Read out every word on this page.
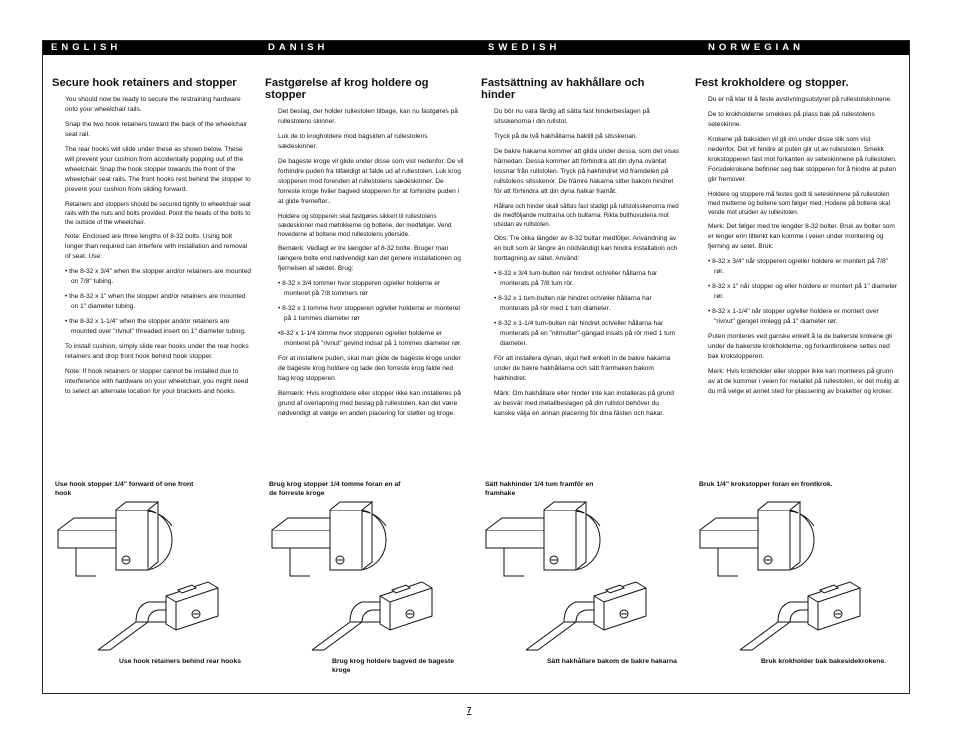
ENGLISH	DANISH	SWEDISH	NORWEGIAN
Secure hook retainers and stopper

You should now be ready to secure the restraining hardware onto your wheelchair rails.

Snap the two hook retainers toward the back of the wheelchair seat rail.

The rear hooks will slide under these as shown below. These will prevent your cushion from accidentally popping out of the wheelchair. Snap the hook stopper towards the front of the wheelchair seat rails. The front hooks rest behind the stopper to prevent your cushion from sliding forward.

Retainers and stoppers should be secured tightly to wheelchair seat rails with the nuts and bolts provided. Point the heads of the bolts to the outside of the wheelchair.

Note: Enclosed are three lengths of 8-32 bolts. Using bolt longer than required can interfere with installation and removal of seat. Use:

• the 8-32 x 3/4" when the stopper and/or retainers are mounted on 7/8" tubing.
• the 8-32 x 1" when the stopper and/or retainers are mounted on 1" diameter tubing.
• the 8-32 x 1-1/4" when the stopper and/or retainers are mounted over "rivnut" threaded insert on 1" diameter tubing.

To install cushion, simply slide rear hooks under the rear hooks retainers and drop front hook behind hook stopper.

Note: If hook retainers or stopper cannot be installed due to interference with hardware on your wheelchair, you might need to select an alternate location for your brackets and hooks.

Fastgørelse af krog holdere og stopper

Det beslag, der holder rullestolen tilbage, kan nu fastgøres på rullestolens skinner.

Luk de to krogholdere mod bagsiden af rullestolens sædeskinner.

De bageste kroge vil glide under disse som vist nedenfor. De vil forhindre puden fra tilfældigt at falde ud af rullestolen. Luk krog stopperen mod forenden af rullestolens sædeskinner. De forreste kroge hviler bagved stopperen for at forhindre puden i at glide fremefter..

Holdere og stopperen skal fastgøres sikkert til rullestolens sædeskinner med møtrikkerne og boltene, der medfølger. Vend hovederne af boltene mod rullestolens yderside.

Bemærk: Vedlagt er tre længder af 8-32 bolte. Bruger man længere bolte end nødvendigt kan det genere installationen og fjernelsen af sædet. Brug:

• 8-32 x 3/4 tommer hvor stopperen og/eller holderne er monteret på 7/8 tommers rør
• 8-32 x 1 tomme hvor stopperen og/eller holderne er monteret på 1 tommes diameter rør
•8-32 x 1-1/4 tomme hvor stopperen og/eller holderne er monteret på "rivnut" gevind indsat på 1 tommes diameter rør.

For at installere puden, skal man glide de bageste kroge under de bageste krog holdere og lade den forreste krog falde ned bag krog stopperen.

Bemærk: Hvis krogholdere eller stopper ikke kan installeres på grund af overlapning med beslag på rullestolen, kan det være nødvendigt at vælge en anden placering for støtter og kroge.

Fastsättning av hakhållare och hinder

Du bör nu vara färdig att sätta fast hinderbeslagen på sitsskenorna i din rullstol.

Tryck på de två hakhållarna baktill på sitsskenan.

De bakre hakarna kommer att glida under dessa, som det visas härnedan. Dessa kommer att förhindra att din dyna oväntat lossnar från rullstolen. Tryck på hakhindret vid framdelen på rullstolens sitsskenor. De främre hakarna sitter bakom hindret för att förhindra att din dyna halkar framåt.

Hållare och hinder skall sättas fast stadigt på rullstolsskenorna med de medföljande muttrarna och bultarna. Rikta bulthuvudena mot utsidan av rullstolen.

Obs: Tre olika längder av 8-32 bultar medföljer. Användning av en bult som är längre än nödvändigt kan hindra installation och borttagning av sätet. Använd:

• 8-32 x 3/4 tum-bulten när hindret och/eller hållarna har monterats på 7/8 tum rör.
• 8-32 x 1 tum-bulten när hindret och/eller hållarna har monterats på rör med 1 tum diameter.
• 8-32 x 1-1/4 tum-bulten när hindret och/eller hållarna har monterats på en "nitmutter"-gängad insats på rör med 1 tum diameter.

För att installera dynan, skjut helt enkelt in de bakre hakarna under de bakre hakhållarna och sätt framhaken bakom hakhindret.

Märk: Om hakhållare eller hinder inte kan installeras på grund av besvär med metallbeslagen på din rullstol behöver du kanske välja en annan placering för dina fästen och hakar.

Fest krokholdere og stopper.

Du er nå klar til å feste avstivningsutstyret på rullestolskinnene.

De to krokholderne smekkes på plass bak på rullestolens seteskinne.

Krokene på baksiden vil gli inn under disse slik som vist nedenfor. Det vil hindre at puten glir ut av rullestolen. Smekk krokstopperen fast mot forkanten av seteskinnene på rullestolen. Forsidekrokene befinner seg bak stopperen for å hindre at puten glir fremover.

Holdere og stoppere må festes godt til seteskinnene på rullestolen med mutterne og boltene som følger med. Hodene på boltene skal vende mot utsiden av rullestolen.

Merk: Det følger med tre lengder 8-32 bolter. Bruk av bolter som er lenger enn tiltenkt kan komme i veien under montering og fjerning av setet. Bruk:

• 8-32 x 3/4" når stopperen og/eller holdere er montert på 7/8" rør.
• 8-32 x 1" når stopper og eller holdere er montert på 1" diameter rør.
• 8-32 x 1-1/4" når stopper og/eller holdere er montert over "rivnut" gjenget innlegg på 1" diameter rør.

Puten monteres ved ganske enkelt å la de bakerste krokene gli under de bakerste krokholderne, og forkantkrokene settes ned bak krokstopperen.

Merk: Hvis krokholder eller stopper ikke kan monteres på grunn av at de kommer i veien for metallet på rullestolen, er det mulig at du må velge et annet sted for plassering av braketter og kroker.

Use hook stopper 1/4" forward of one front hook
Brug krog stopper 1/4 tomme foran en af de forreste kroge
Sätt hakhinder 1/4 tum framför en framhake
Bruk 1/4" krokstopper foran en frontkrok.
Use hook retainers behind rear hooks	Brug krog holdere bagved de bageste kroge
Sätt hakhållare bakom de bakre hakarna	Bruk krokholder bak bakesidekrokene.
7
